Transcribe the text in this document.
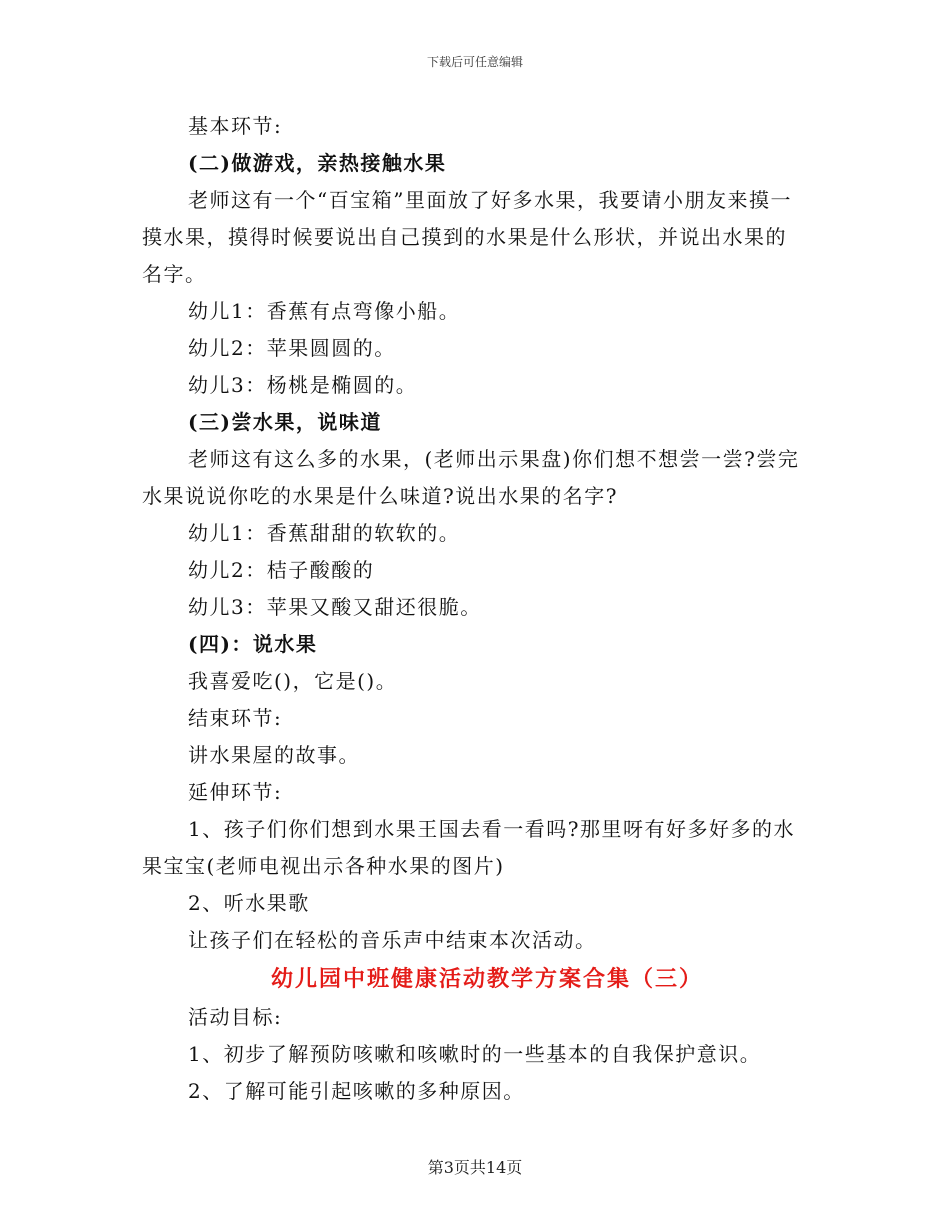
下载后可任意编辑

基本环节:

(二)做游戏，亲热接触水果

老师这有一个“百宝箱”里面放了好多水果，我要请小朋友来摸一摸水果，摸得时候要说出自己摸到的水果是什么形状，并说出水果的名字。

幼儿1：香蕉有点弯像小船。

幼儿2：苹果圆圆的。

幼儿3：杨桃是椭圆的。

(三)尝水果，说味道

老师这有这么多的水果，(老师出示果盘)你们想不想尝一尝?尝完水果说说你吃的水果是什么味道?说出水果的名字?

幼儿1：香蕉甜甜的软软的。

幼儿2：桔子酸酸的

幼儿3：苹果又酸又甜还很脆。

(四)：说水果

我喜爱吃()，它是()。

结束环节:

讲水果屋的故事。

延伸环节:

1、孩子们你们想到水果王国去看一看吗?那里呀有好多好多的水果宝宝(老师电视出示各种水果的图片)

2、听水果歌

让孩子们在轻松的音乐声中结束本次活动。

幼儿园中班健康活动教学方案合集（三）

活动目标:

1、初步了解预防咳嗽和咳嗽时的一些基本的自我保护意识。

2、了解可能引起咳嗽的多种原因。

第3页共14页
